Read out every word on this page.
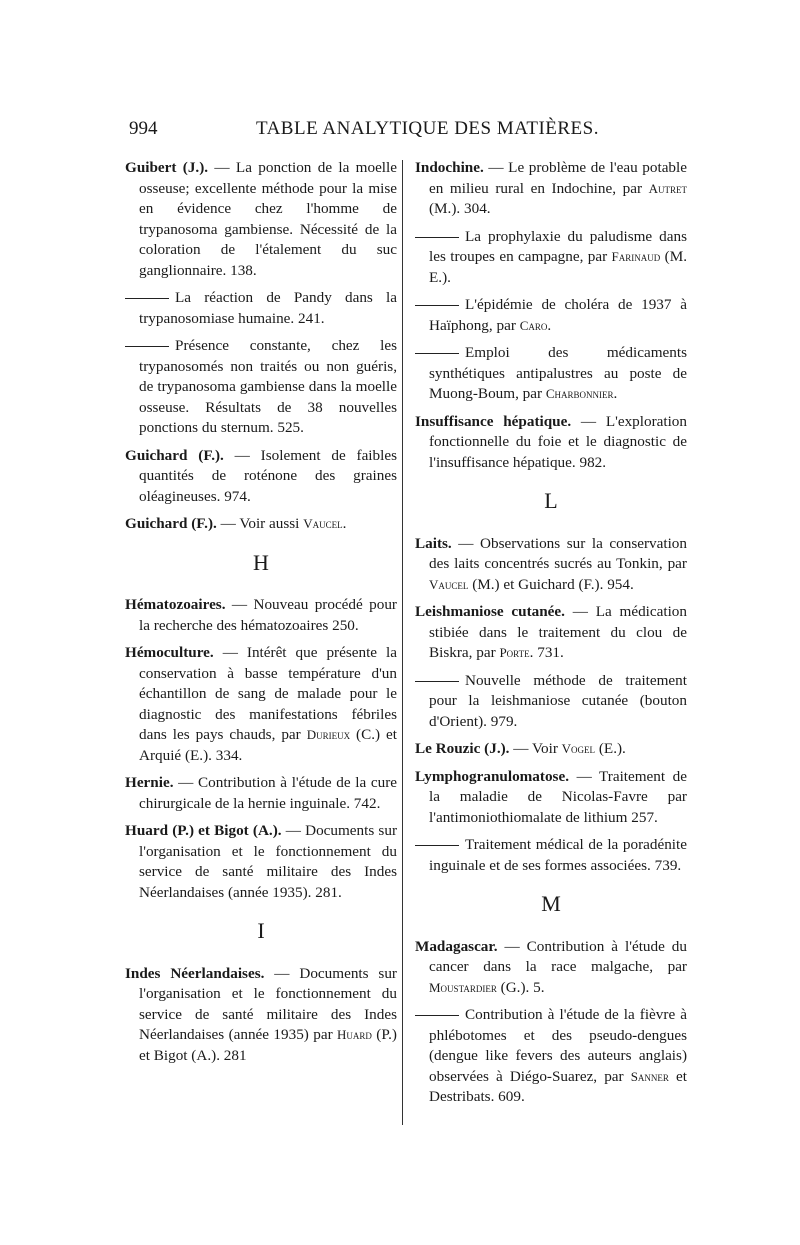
994	TABLE ANALYTIQUE DES MATIÈRES.
Guibert (J.). — La ponction de la moelle osseuse; excellente méthode pour la mise en évidence chez l'homme de trypanosoma gambiense. Nécessité de la coloration de l'étalement du suc ganglionnaire. 138.
La réaction de Pandy dans la trypanosomiase humaine. 241.
Présence constante, chez les trypanosomés non traités ou non guéris, de trypanosoma gambiense dans la moelle osseuse. Résultats de 38 nouvelles ponctions du sternum. 525.
Guichard (F.). — Isolement de faibles quantités de roténone des graines oléagineuses. 974.
Guichard (F.). — Voir aussi Vaucel.
H
Hématozoaires. — Nouveau procédé pour la recherche des hématozoaires 250.
Hémoculture. — Intérêt que présente la conservation à basse température d'un échantillon de sang de malade pour le diagnostic des manifestations fébriles dans les pays chauds, par Durieux (C.) et Arquié (E.). 334.
Hernie. — Contribution à l'étude de la cure chirurgicale de la hernie inguinale. 742.
Huard (P.) et Bigot (A.). — Documents sur l'organisation et le fonctionnement du service de santé militaire des Indes Néerlandaises (année 1935). 281.
I
Indes Néerlandaises. — Documents sur l'organisation et le fonctionnement du service de santé militaire des Indes Néerlandaises (année 1935) par Huard (P.) et Bigot (A.). 281
Indochine. — Le problème de l'eau potable en milieu rural en Indochine, par Autret (M.). 304.
La prophylaxie du paludisme dans les troupes en campagne, par Farinaud (M. E.).
L'épidémie de choléra de 1937 à Haïphong, par Caro.
Emploi des médicaments synthétiques antipalustres au poste de Muong-Boum, par Charbonnier.
Insuffisance hépatique. — L'exploration fonctionnelle du foie et le diagnostic de l'insuffisance hépatique. 982.
L
Laits. — Observations sur la conservation des laits concentrés sucrés au Tonkin, par Vaucel (M.) et Guichard (F.). 954.
Leishmaniose cutanée. — La médication stibiée dans le traitement du clou de Biskra, par Porte. 731.
Nouvelle méthode de traitement pour la leishmaniose cutanée (bouton d'Orient). 979.
Le Rouzic (J.). — Voir Vogel (E.).
Lymphogranulomatose. — Traitement de la maladie de Nicolas-Favre par l'antimoniothiomalate de lithium 257.
Traitement médical de la poradénite inguinale et de ses formes associées. 739.
M
Madagascar. — Contribution à l'étude du cancer dans la race malgache, par Moustardier (G.). 5.
Contribution à l'étude de la fièvre à phlébotomes et des pseudo-dengues (dengue like fevers des auteurs anglais) observées à Diégo-Suarez, par Sanner et Destribats. 609.
